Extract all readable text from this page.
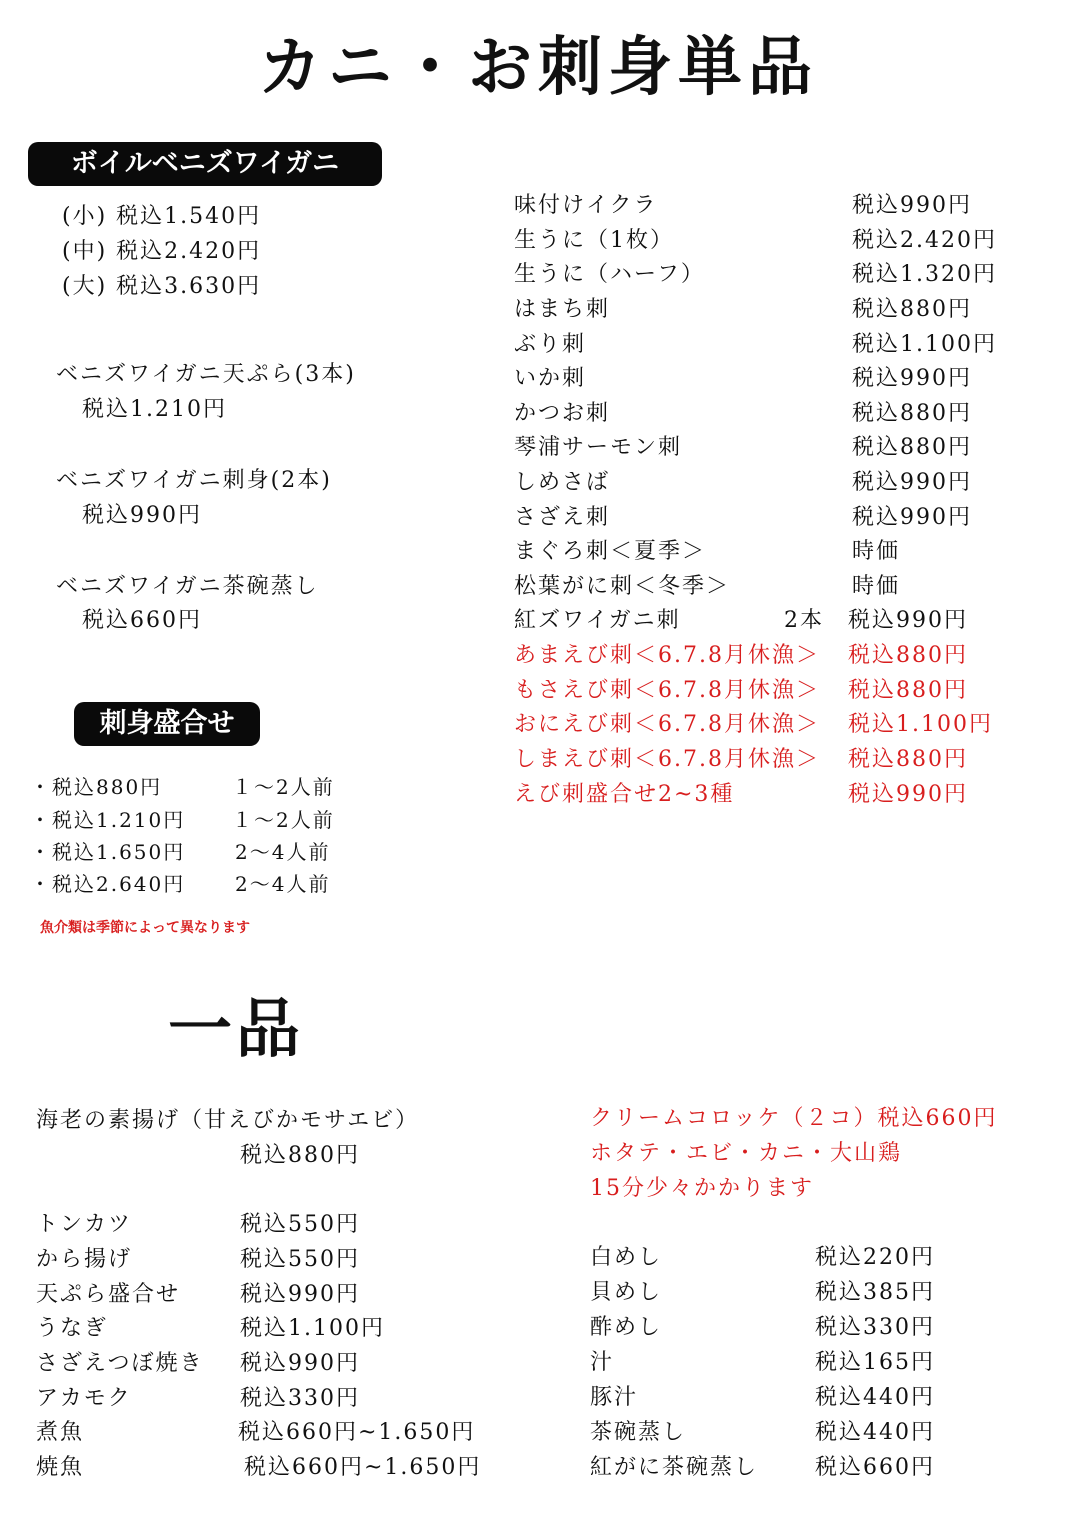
カニ・お刺身単品
ボイルベニズワイガニ
(小) 税込1.540円
(中) 税込2.420円
(大) 税込3.630円
ベニズワイガニ天ぷら(3本)
税込1.210円
ベニズワイガニ刺身(2本)
税込990円
ベニズワイガニ茶碗蒸し
税込660円
刺身盛合せ
・税込880円	１～2人前
・税込1.210円 １～2人前
・税込1.650円 2～4人前
・税込2.640円 2～4人前
魚介類は季節によって異なります
味付けイクラ	税込990円
生うに（1枚）	税込2.420円
生うに（ハーフ）	税込1.320円
はまち刺	税込880円
ぶり刺	税込1.100円
いか刺	税込990円
かつお刺	税込880円
琴浦サーモン刺	税込880円
しめさば	税込990円
さざえ刺	税込990円
まぐろ刺＜夏季＞	時価
松葉がに刺＜冬季＞	時価
紅ズワイガニ刺	2本 税込990円
あまえび刺＜6.7.8月休漁＞ 税込880円
もさえび刺＜6.7.8月休漁＞ 税込880円
おにえび刺＜6.7.8月休漁＞ 税込1.100円
しまえび刺＜6.7.8月休漁＞ 税込880円
えび刺盛合せ2~3種	税込990円
一品
海老の素揚げ（甘えびかモサエビ）
税込880円
トンカツ	税込550円
から揚げ	税込550円
天ぷら盛合せ	税込990円
うなぎ	税込1.100円
さざえつぼ焼き 税込990円
アカモク	税込330円
煮魚	税込660円~1.650円
焼魚	税込660円~1.650円
クリームコロッケ（２コ）税込660円
ホタテ・エビ・カニ・大山鶏
15分少々かかります
白めし	税込220円
貝めし	税込385円
酢めし	税込330円
汁	税込165円
豚汁	税込440円
茶碗蒸し	税込440円
紅がに茶碗蒸し	税込660円
